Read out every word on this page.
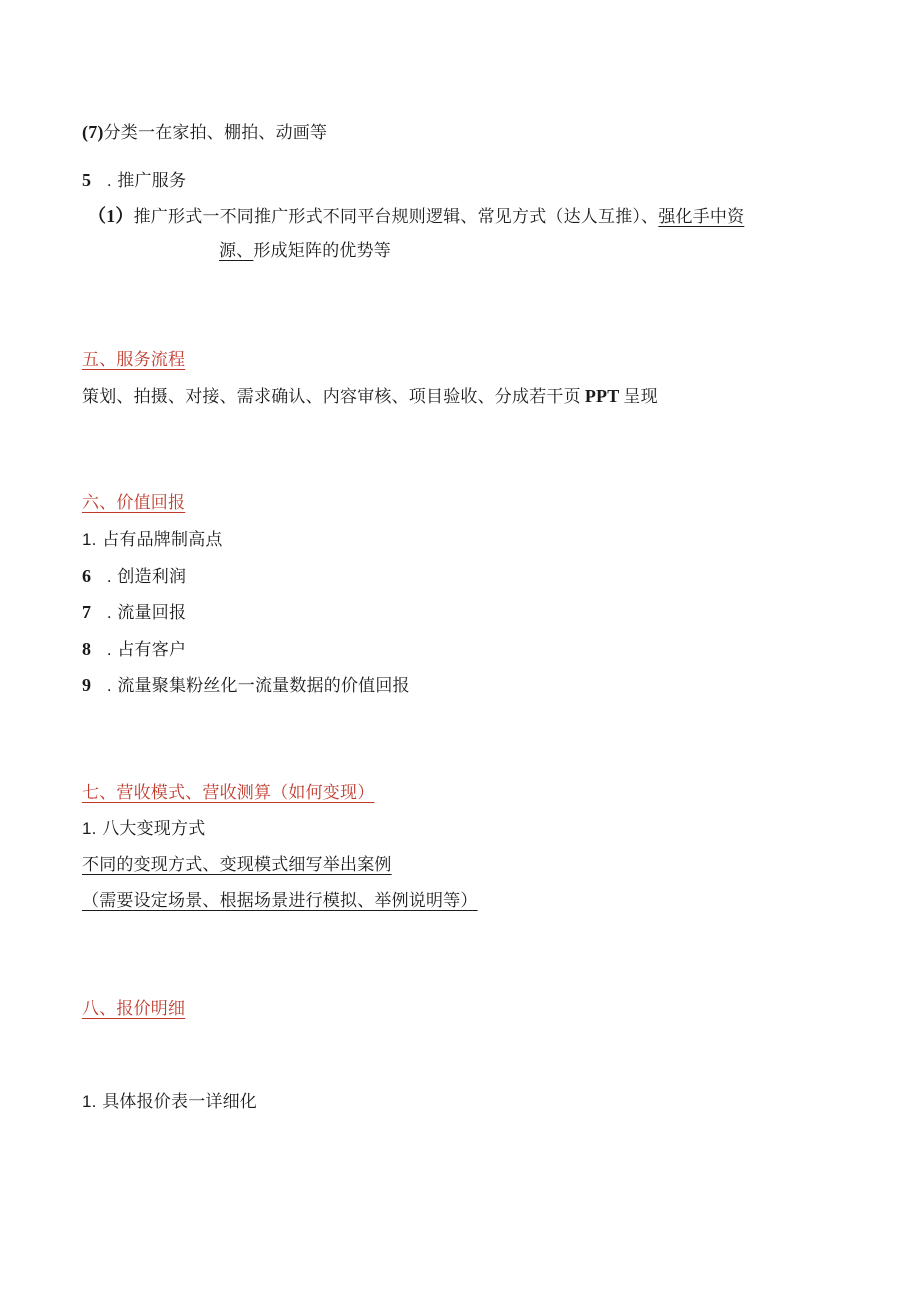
(7)分类一在家拍、棚拍、动画等
5 . 推广服务
（1）推广形式一不同推广形式不同平台规则逻辑、常见方式（达人互推）、强化手中资
源、形成矩阵的优势等
五、服务流程
策划、拍摄、对接、需求确认、内容审核、项目验收、分成若干页 PPT 呈现
六、价值回报
1. 占有品牌制高点
6 . 创造利润
7 . 流量回报
8 . 占有客户
9 . 流量聚集粉丝化一流量数据的价值回报
七、营收模式、营收测算（如何变现）
1. 八大变现方式
不同的变现方式、变现模式细写举出案例
（需要设定场景、根据场景进行模拟、举例说明等）
八、报价明细
1. 具体报价表一详细化
